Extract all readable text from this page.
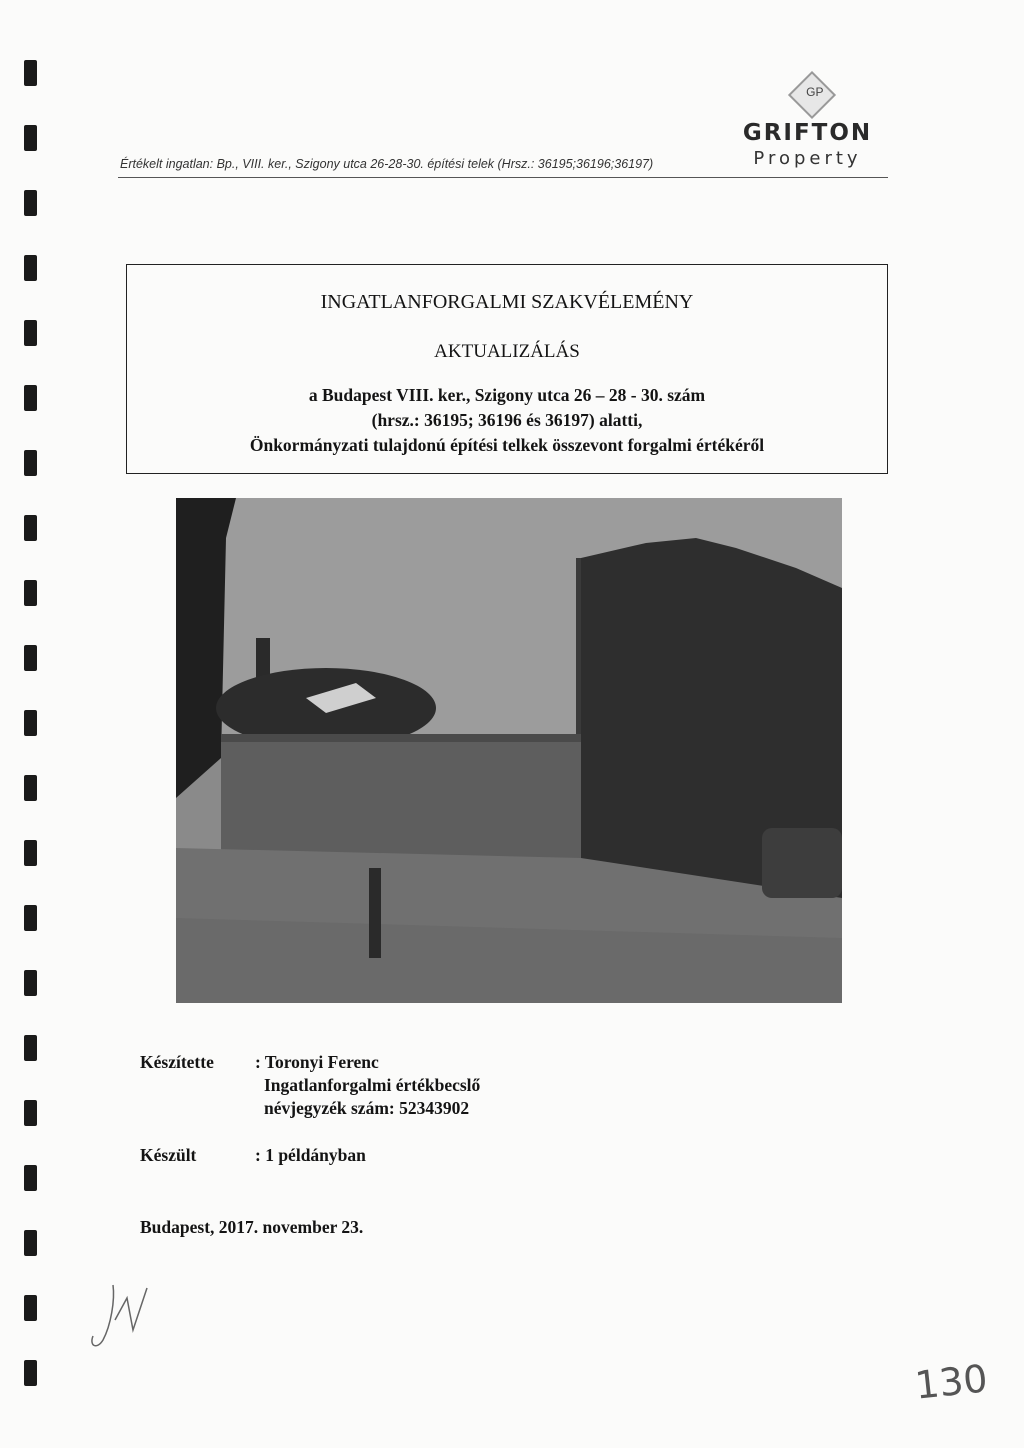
Értékelt ingatlan: Bp., VIII. ker., Szigony utca 26-28-30. építési telek (Hrsz.: 36195;36196;36197)
GP
GRIFTON
Property
INGATLANFORGALMI SZAKVÉLEMÉNY
AKTUALIZÁLÁS
a Budapest VIII. ker., Szigony utca 26 – 28 - 30. szám
(hrsz.: 36195; 36196 és 36197) alatti,
Önkormányzati tulajdonú építési telkek összevont forgalmi értékéről
Készítette : Toronyi Ferenc
Ingatlanforgalmi értékbecslő
névjegyzék szám: 52343902
Készült	: 1 példányban
Budapest, 2017. november 23.
130
